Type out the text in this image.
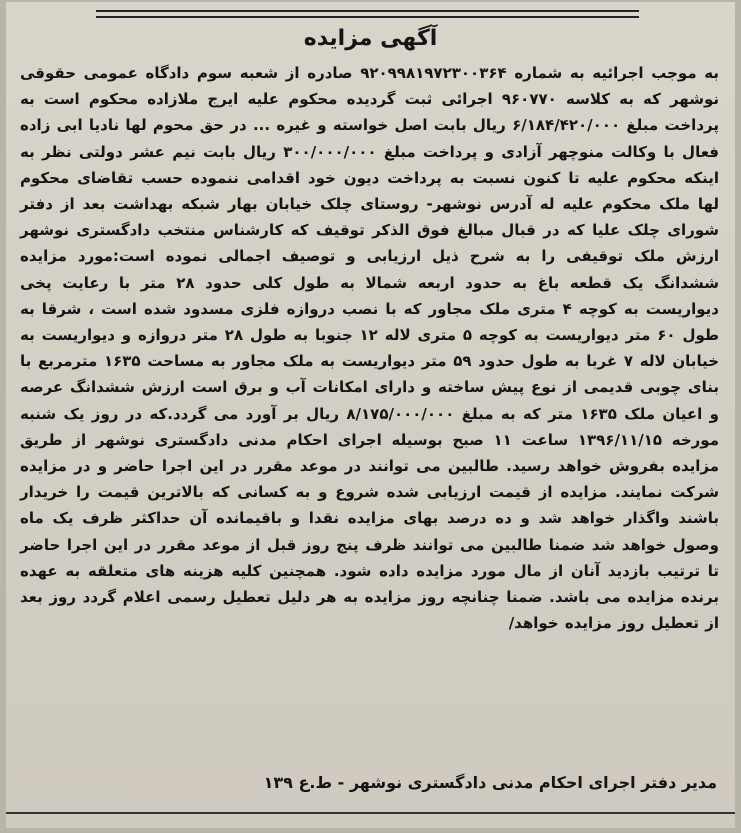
آگهی مزایده
به موجب اجرائیه به شماره ۹۲۰۹۹۸۱۹۷۲۳۰۰۳۶۴ صادره از شعبه سوم دادگاه عمومی حقوقی نوشهر که به کلاسه ۹۶۰۷۷۰ اجرائی ثبت گردیده محکوم علیه ایرج ملازاده محکوم است به پرداخت مبلغ ۶/۱۸۴/۴۲۰/۰۰۰ ریال بابت اصل خواسته و غیره ... در حق محوم لها نادیا ابی زاده فعال با وکالت منوچهر آزادی و پرداخت مبلغ ۳۰۰/۰۰۰/۰۰۰ ریال بابت نیم عشر دولتی نظر به اینکه محکوم علیه تا کنون نسبت به پرداخت دیون خود اقدامی ننموده حسب تقاضای محکوم لها ملک محکوم علیه له آدرس نوشهر- روستای چلک خیابان بهار شبکه بهداشت بعد از دفتر شورای چلک علیا که در قبال مبالغ فوق الذکر توقیف که کارشناس منتخب دادگستری نوشهر ارزش ملک توقیفی را به شرح ذیل ارزیابی و توصیف اجمالی نموده است:مورد مزایده ششدانگ یک قطعه باغ به حدود اربعه شمالا به طول کلی حدود ۲۸ متر با رعایت پخی دیواریست به کوچه ۴ متری ملک مجاور که با نصب دروازه فلزی مسدود شده است ، شرقا به طول ۶۰ متر دیواریست به کوچه ۵ متری لاله ۱۲ جنوبا به طول ۲۸ متر دروازه و دیواریست به خیابان لاله ۷ غربا به طول حدود ۵۹ متر دیواریست به ملک مجاور به مساحت ۱۶۳۵ مترمربع با بنای چوبی قدیمی از نوع پیش ساخته و دارای امکانات آب و برق است ارزش ششدانگ عرصه و اعیان ملک ۱۶۳۵ متر که به مبلغ ۸/۱۷۵/۰۰۰/۰۰۰ ریال بر آورد می گردد.که در روز یک شنبه مورخه ۱۳۹۶/۱۱/۱۵ ساعت ۱۱ صبح بوسیله اجرای احکام مدنی دادگستری نوشهر از طریق مزایده بفروش خواهد رسید. طالبین می توانند در موعد مقرر در این اجرا حاضر و در مزایده شرکت نمایند. مزایده از قیمت ارزیابی شده شروع و به کسانی که بالاترین قیمت را خریدار باشند واگذار خواهد شد و ده درصد بهای مزایده نقدا و باقیمانده آن حداکثر ظرف یک ماه وصول خواهد شد ضمنا طالبین می توانند ظرف پنج روز قبل از موعد مقرر در این اجرا حاضر تا ترتیب بازدید آنان از مال مورد مزایده داده شود. همچنین کلیه هزینه های متعلقه به عهده برنده مزایده می باشد. ضمنا چنانچه روز مزایده به هر دلیل تعطیل رسمی اعلام گردد روز بعد از تعطیل روز مزایده خواهد/
مدیر دفتر اجرای احکام مدنی دادگستری نوشهر - ط.ع ۱۳۹
